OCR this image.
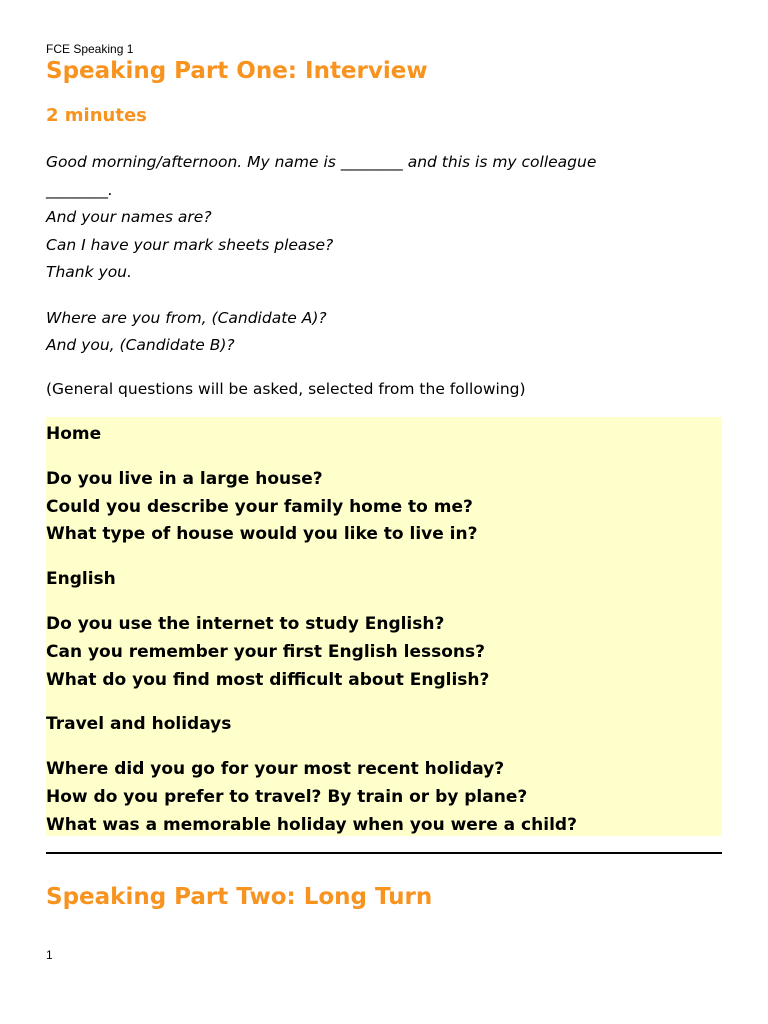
FCE Speaking 1
Speaking Part One: Interview
2 minutes
Good morning/afternoon. My name is ________ and this is my colleague
________.
And your names are?
Can I have your mark sheets please?
Thank you.
Where are you from, (Candidate A)?
And you, (Candidate B)?
(General questions will be asked, selected from the following)
Home
Do you live in a large house?
Could you describe your family home to me?
What type of house would you like to live in?
English
Do you use the internet to study English?
Can you remember your first English lessons?
What do you find most difficult about English?
Travel and holidays
Where did you go for your most recent holiday?
How do you prefer to travel? By train or by plane?
What was a memorable holiday when you were a child?
Speaking Part Two: Long Turn
1
